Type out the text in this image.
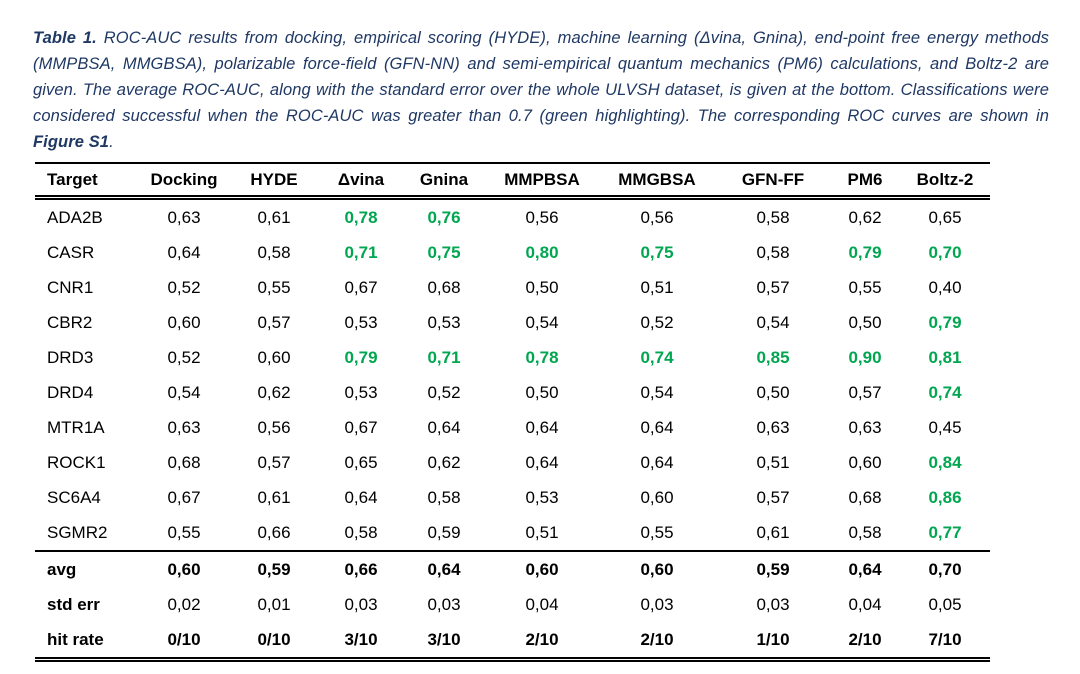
Table 1. ROC-AUC results from docking, empirical scoring (HYDE), machine learning (Δvina, Gnina), end-point free energy methods (MMPBSA, MMGBSA), polarizable force-field (GFN-NN) and semi-empirical quantum mechanics (PM6) calculations, and Boltz-2 are given. The average ROC-AUC, along with the standard error over the whole ULVSH dataset, is given at the bottom. Classifications were considered successful when the ROC-AUC was greater than 0.7 (green highlighting). The corresponding ROC curves are shown in Figure S1.

Target	Docking	HYDE	Δvina	Gnina	MMPBSA	MMGBSA	GFN-FF	PM6	Boltz-2
ADA2B	0,63	0,61	0,78	0,76	0,56	0,56	0,58	0,62	0,65
CASR	0,64	0,58	0,71	0,75	0,80	0,75	0,58	0,79	0,70
CNR1	0,52	0,55	0,67	0,68	0,50	0,51	0,57	0,55	0,40
CBR2	0,60	0,57	0,53	0,53	0,54	0,52	0,54	0,50	0,79
DRD3	0,52	0,60	0,79	0,71	0,78	0,74	0,85	0,90	0,81
DRD4	0,54	0,62	0,53	0,52	0,50	0,54	0,50	0,57	0,74
MTR1A	0,63	0,56	0,67	0,64	0,64	0,64	0,63	0,63	0,45
ROCK1	0,68	0,57	0,65	0,62	0,64	0,64	0,51	0,60	0,84
SC6A4	0,67	0,61	0,64	0,58	0,53	0,60	0,57	0,68	0,86
SGMR2	0,55	0,66	0,58	0,59	0,51	0,55	0,61	0,58	0,77
avg	0,60	0,59	0,66	0,64	0,60	0,60	0,59	0,64	0,70
std err	0,02	0,01	0,03	0,03	0,04	0,03	0,03	0,04	0,05
hit rate	0/10	0/10	3/10	3/10	2/10	2/10	1/10	2/10	7/10
